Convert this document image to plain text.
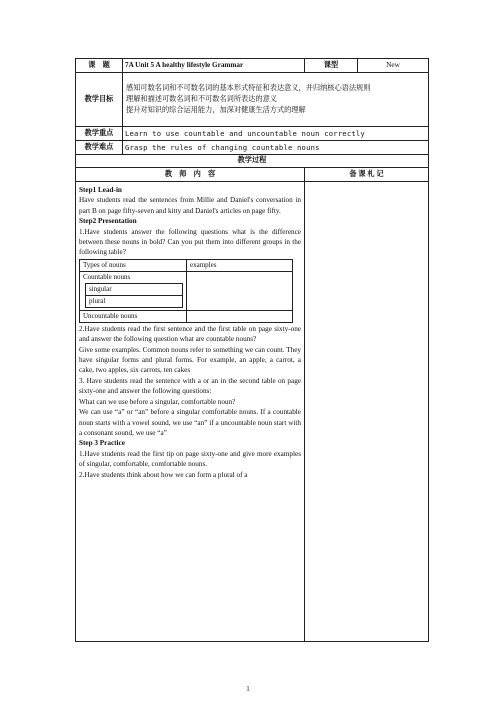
课　题	7A Unit 5 A healthy lifestyle Grammar	课型	New
教学目标	
感知可数名词和不可数名词的基本形式特征和表达意义，并归纳核心语法规则
理解和描述可数名词和不可数名词所表达的意义
提升对知识的综合运用能力，加深对健康生活方式的理解

教学重点	Learn to use countable and uncountable noun correctly
教学难点	Grasp the rules of changing countable nouns
教学过程
教　师　内　容	备 课 札 记

Step1 Lead-in

Have students read the sentences from Millie and Daniel's conversation in part B on page fifty-seven and kitty and Daniel's articles on page fifty.

Step2 Presentation

1.Have students answer the following questions what is the difference between these nouns in bold? Can you put them into different groups in the following table?

Types of nouns	examples

Countable nouns
singular
plural

Uncountable nouns	

2.Have students read the first sentence and the first table on page sixty-one and answer the following question what are countable nouns?

Give some examples. Common nouns refer to something we can count. They have singular forms and plural forms. For example, an apple, a carrot, a cake, two apples, six carrots, ten cakes

3. Have students read the sentence with a or an in the second table on page sixty-one and answer the following questions:

What can we use before a singular, comfortable noun?

We can use “a” or “an” before a singular comfortable nouns. If a countable noun starts with a vowel sound, we use “an” if a uncountable noun start with a consonant sound, we use “a”

Step 3 Practice

1.Have students read the first tip on page sixty-one and give more examples of singular, comfortable, comfortable nouns.

2.Have students think about how we can form a plural of a

1
